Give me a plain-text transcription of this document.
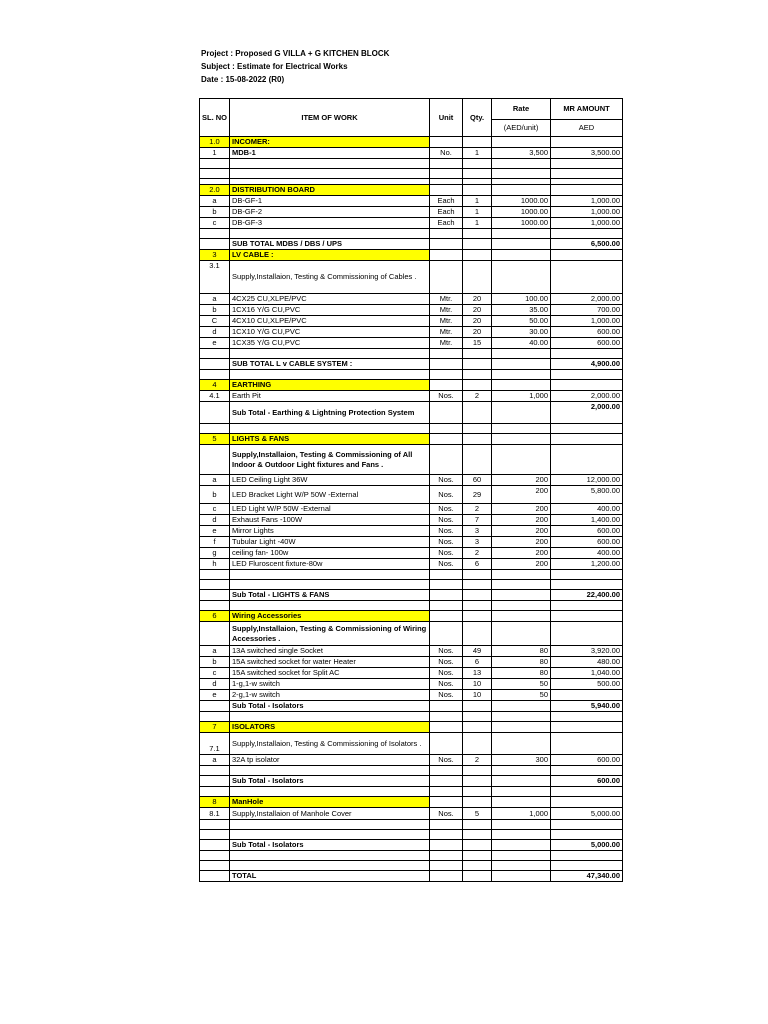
Project : Proposed G VILLA + G KITCHEN BLOCK
Subject : Estimate for Electrical Works
Date : 15-08-2022 (R0)
SL. NO	ITEM OF WORK	Unit	Qty.	Rate	MR AMOUNT
				(AED/unit)	AED
1.0	INCOMER:				
1	MDB-1	No.	1	3,500	3,500.00

2.0	DISTRIBUTION BOARD				
a	DB-GF-1	Each	1	1000.00	1,000.00
b	DB-GF-2	Each	1	1000.00	1,000.00
c	DB-GF-3	Each	1	1000.00	1,000.00

	SUB TOTAL MDBS / DBS / UPS				6,500.00
3	LV CABLE :				
3.1	Supply,Installaion, Testing & Commissioning of Cables .				
a	4CX25 CU,XLPE/PVC	Mtr.	20	100.00	2,000.00
b	1CX16 Y/G CU,PVC	Mtr.	20	35.00	700.00
C	4CX10 CU,XLPE/PVC	Mtr.	20	50.00	1,000.00
d	1CX10 Y/G CU,PVC	Mtr.	20	30.00	600.00
e	1CX35 Y/G CU,PVC	Mtr.	15	40.00	600.00

	SUB TOTAL L v CABLE SYSTEM :				4,900.00

4	EARTHING				
4.1	Earth Pit	Nos.	2	1,000	2,000.00
	Sub Total - Earthing & Lightning Protection System				2,000.00

5	LIGHTS & FANS				
	Supply,Installaion, Testing & Commissioning of All Indoor & Outdoor Light fixtures and Fans .				
a	LED Ceiling Light 36W	Nos.	60	200	12,000.00
b	LED Bracket Light W/P 50W -External	Nos.	29	200	5,800.00
c	LED Light W/P 50W -External	Nos.	2	200	400.00
d	Exhaust Fans -100W	Nos.	7	200	1,400.00
e	Mirror Lights	Nos.	3	200	600.00
f	Tubular Light -40W	Nos.	3	200	600.00
g	ceiling fan- 100w	Nos.	2	200	400.00
h	LED Fluroscent fixture-80w	Nos.	6	200	1,200.00

	Sub Total - LIGHTS & FANS				22,400.00

6	Wiring Accessories				
	Supply,Installaion, Testing & Commissioning of Wiring Accessories .				
a	13A switched single Socket	Nos.	49	80	3,920.00
b	15A switched socket for water Heater	Nos.	6	80	480.00
c	15A switched socket for Split AC	Nos.	13	80	1,040.00
d	1-g,1-w switch	Nos.	10	50	500.00
e	2-g,1-w switch	Nos.	10	50	
	Sub Total - Isolators				5,940.00

7	ISOLATORS				
7.1	Supply,Installaion, Testing & Commissioning of Isolators .				
a	32A tp isolator	Nos.	2	300	600.00

	Sub Total - Isolators				600.00

8	ManHole				
8.1	Supply,Installaion of Manhole Cover	Nos.	5	1,000	5,000.00

	Sub Total - Isolators				5,000.00

	TOTAL				47,340.00
